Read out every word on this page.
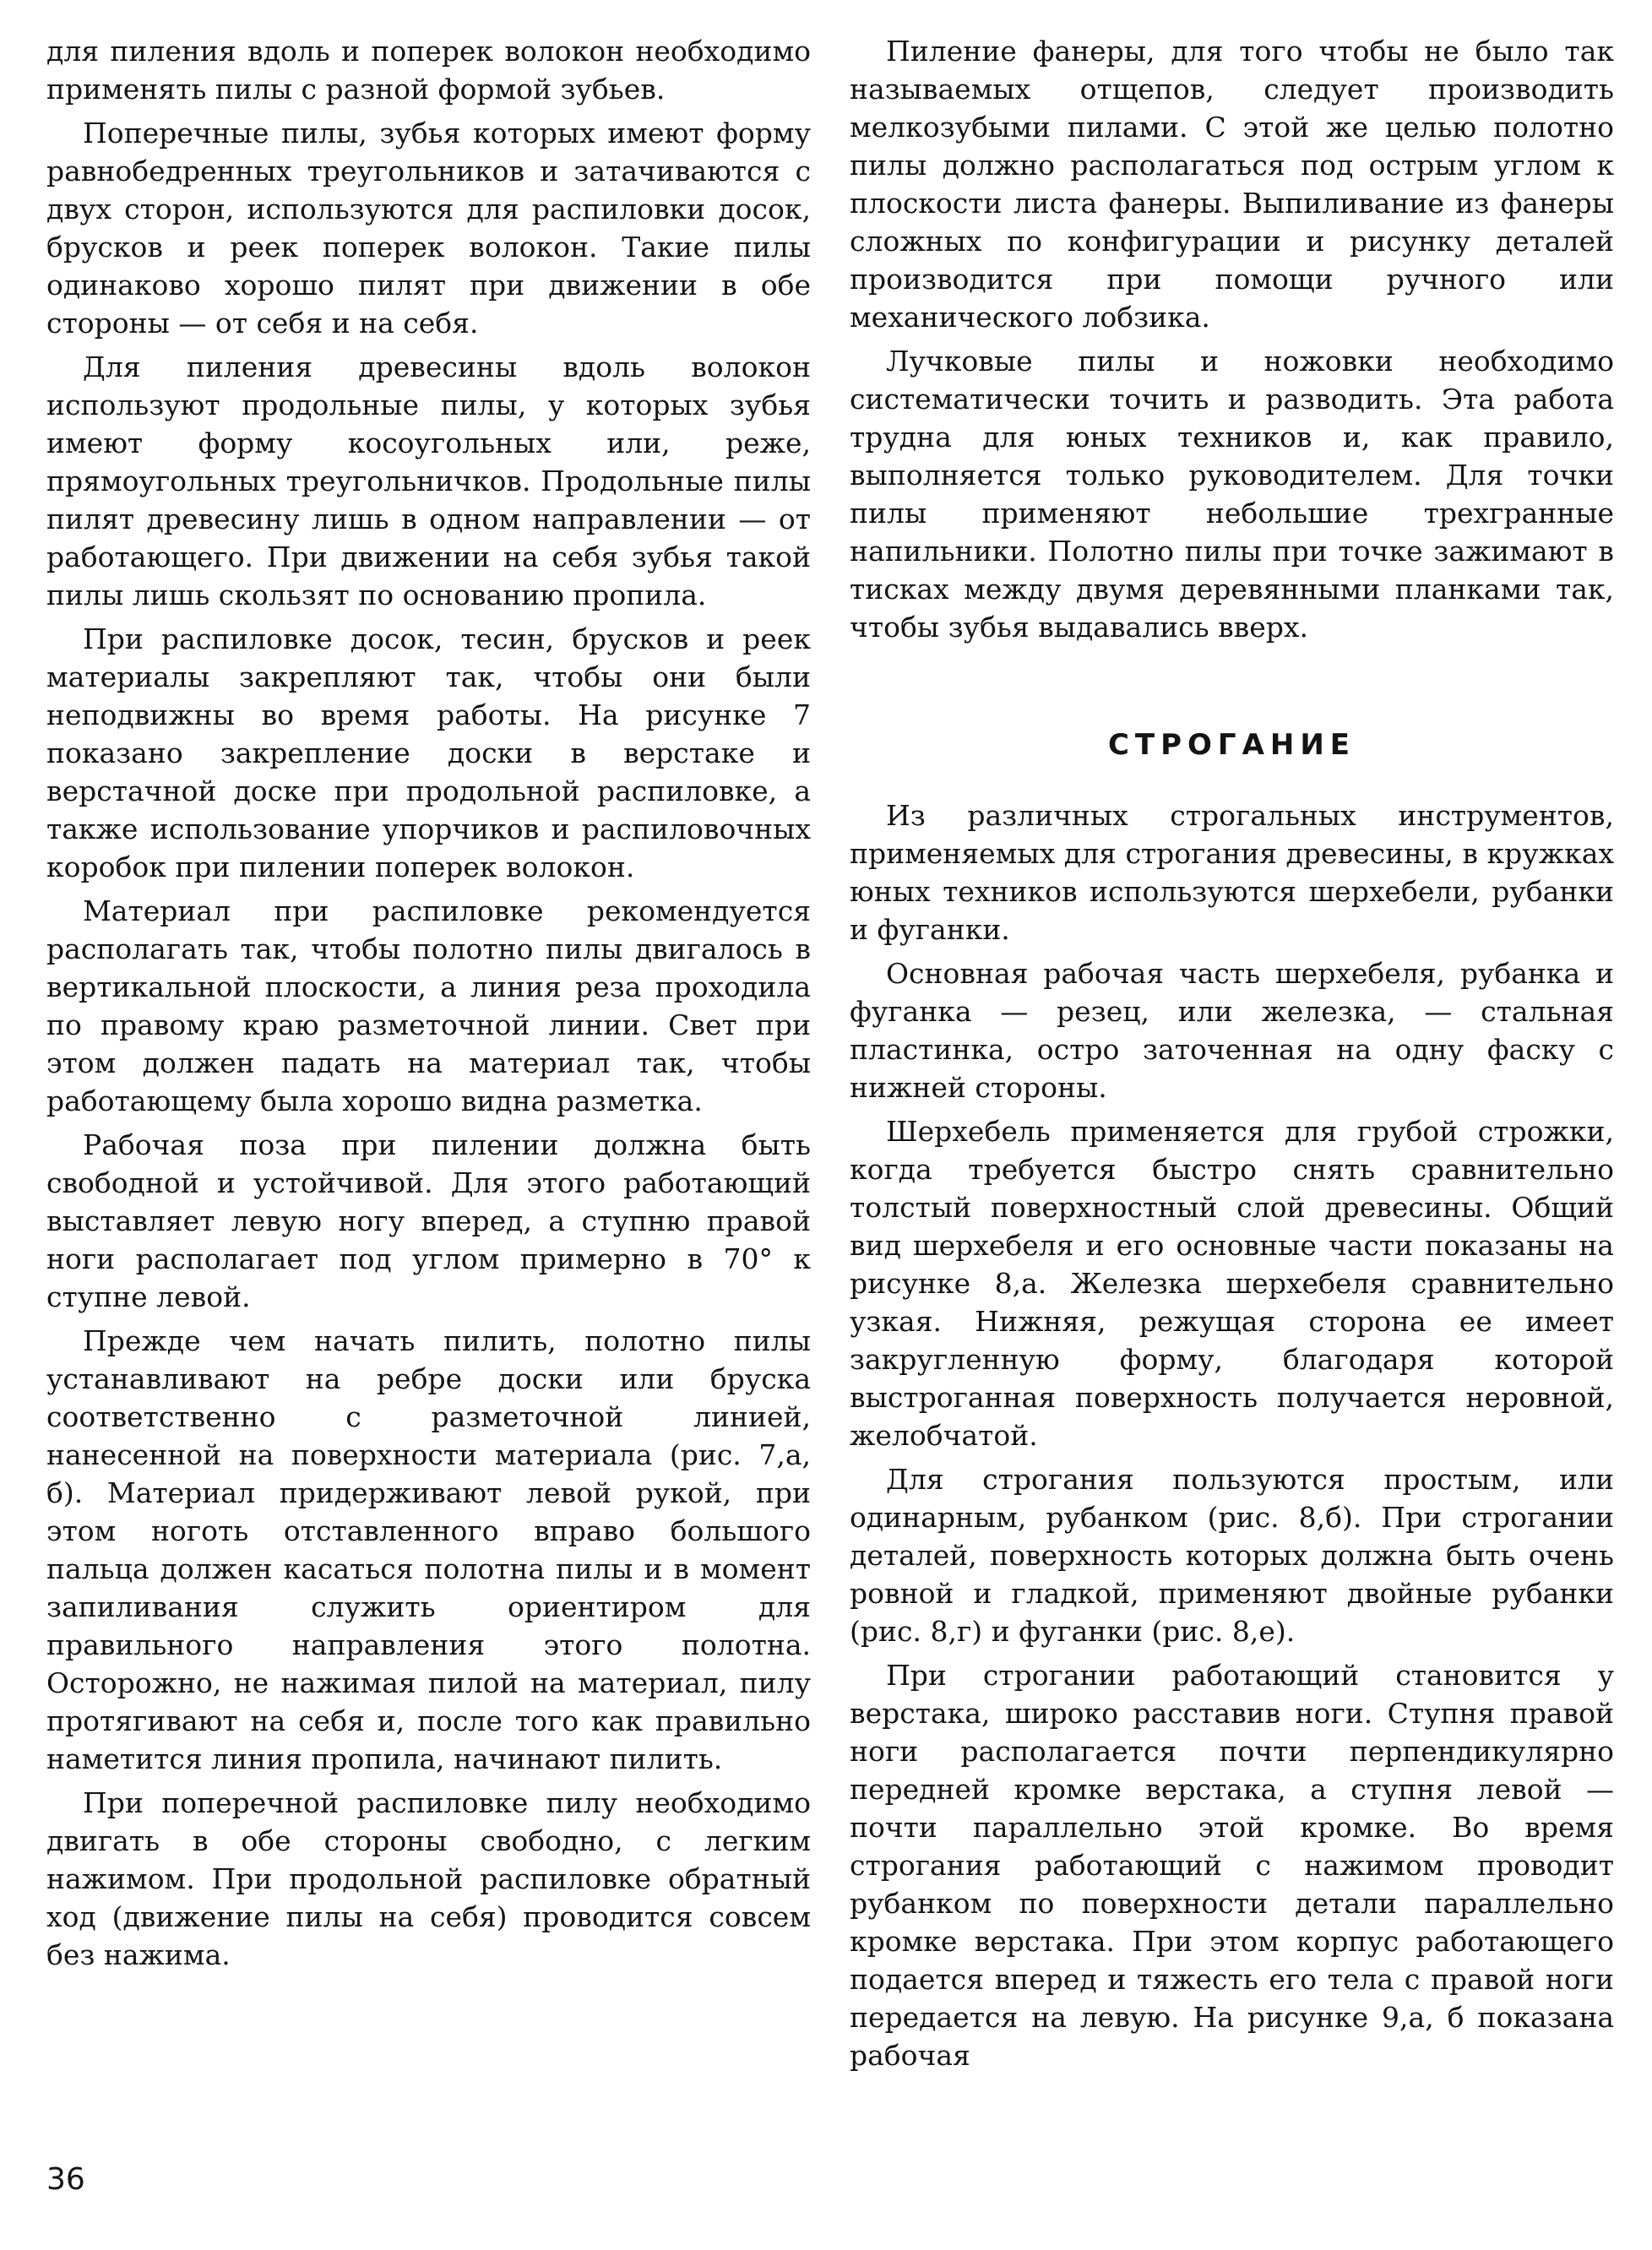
для пиления вдоль и поперек волокон необходимо применять пилы с разной формой зубьев.

Поперечные пилы, зубья которых имеют форму равнобедренных треугольников и затачиваются с двух сторон, используются для распиловки досок, брусков и реек поперек волокон. Такие пилы одинаково хорошо пилят при движении в обе стороны — от себя и на себя.

Для пиления древесины вдоль волокон используют продольные пилы, у которых зубья имеют форму косоугольных или, реже, прямоугольных треугольничков. Продольные пилы пилят древесину лишь в одном направлении — от работающего. При движении на себя зубья такой пилы лишь скользят по основанию пропила.

При распиловке досок, тесин, брусков и реек материалы закрепляют так, чтобы они были неподвижны во время работы. На рисунке 7 показано закрепление доски в верстаке и верстачной доске при продольной распиловке, а также использование упорчиков и распиловочных коробок при пилении поперек волокон.

Материал при распиловке рекомендуется располагать так, чтобы полотно пилы двигалось в вертикальной плоскости, а линия реза проходила по правому краю разметочной линии. Свет при этом должен падать на материал так, чтобы работающему была хорошо видна разметка.

Рабочая поза при пилении должна быть свободной и устойчивой. Для этого работающий выставляет левую ногу вперед, а ступню правой ноги располагает под углом примерно в 70° к ступне левой.

Прежде чем начать пилить, полотно пилы устанавливают на ребре доски или бруска соответственно с разметочной линией, нанесенной на поверхности материала (рис. 7,а, б). Материал придерживают левой рукой, при этом ноготь отставленного вправо большого пальца должен касаться полотна пилы и в момент запиливания служить ориентиром для правильного направления этого полотна. Осторожно, не нажимая пилой на материал, пилу протягивают на себя и, после того как правильно наметится линия пропила, начинают пилить.

При поперечной распиловке пилу необходимо двигать в обе стороны свободно, с легким нажимом. При продольной распиловке обратный ход (движение пилы на себя) проводится совсем без нажима.

Пиление фанеры, для того чтобы не было так называемых отщепов, следует производить мелкозубыми пилами. С этой же целью полотно пилы должно располагаться под острым углом к плоскости листа фанеры. Выпиливание из фанеры сложных по конфигурации и рисунку деталей производится при помощи ручного или механического лобзика.

Лучковые пилы и ножовки необходимо систематически точить и разводить. Эта работа трудна для юных техников и, как правило, выполняется только руководителем. Для точки пилы применяют небольшие трехгранные напильники. Полотно пилы при точке зажимают в тисках между двумя деревянными планками так, чтобы зубья выдавались вверх.

СТРОГАНИЕ

Из различных строгальных инструментов, применяемых для строгания древесины, в кружках юных техников используются шерхебели, рубанки и фуганки.

Основная рабочая часть шерхебеля, рубанка и фуганка — резец, или железка, — стальная пластинка, остро заточенная на одну фаску с нижней стороны.

Шерхебель применяется для грубой строжки, когда требуется быстро снять сравнительно толстый поверхностный слой древесины. Общий вид шерхебеля и его основные части показаны на рисунке 8,а. Железка шерхебеля сравнительно узкая. Нижняя, режущая сторона ее имеет закругленную форму, благодаря которой выстроганная поверхность получается неровной, желобчатой.

Для строгания пользуются простым, или одинарным, рубанком (рис. 8,б). При строгании деталей, поверхность которых должна быть очень ровной и гладкой, применяют двойные рубанки (рис. 8,г) и фуганки (рис. 8,е).

При строгании работающий становится у верстака, широко расставив ноги. Ступня правой ноги располагается почти перпендикулярно передней кромке верстака, а ступня левой — почти параллельно этой кромке. Во время строгания работающий с нажимом проводит рубанком по поверхности детали параллельно кромке верстака. При этом корпус работающего подается вперед и тяжесть его тела с правой ноги передается на левую. На рисунке 9,а, б показана рабочая

36
